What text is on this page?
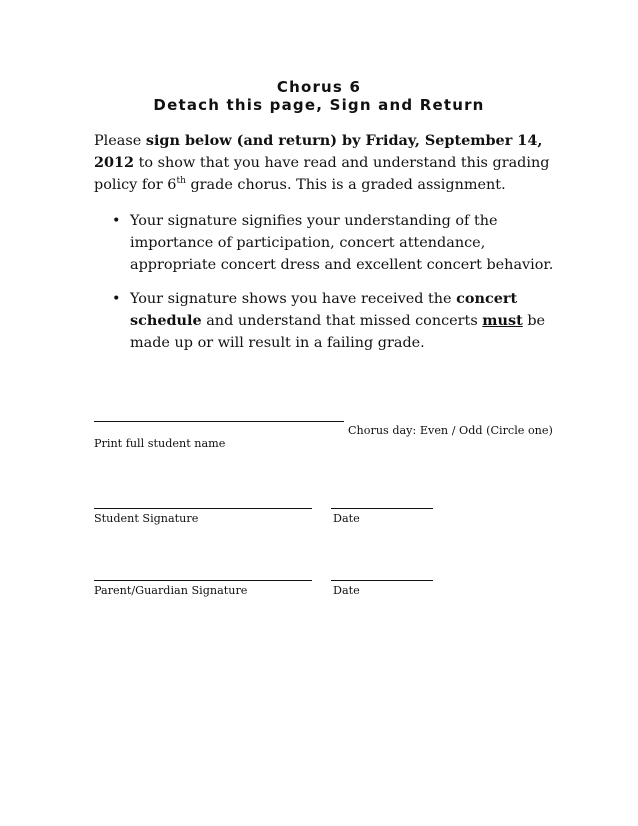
Chorus 6
Detach this page, Sign and Return

Please sign below (and return) by Friday, September 14, 2012 to show that you have read and understand this grading policy for 6th grade chorus. This is a graded assignment.

• Your signature signifies your understanding of the importance of participation, concert attendance, appropriate concert dress and excellent concert behavior.
• Your signature shows you have received the concert schedule and understand that missed concerts must be made up or will result in a failing grade.
Chorus day: Even / Odd (Circle one)
Print full student name
Student Signature	Date
Parent/Guardian Signature	Date
